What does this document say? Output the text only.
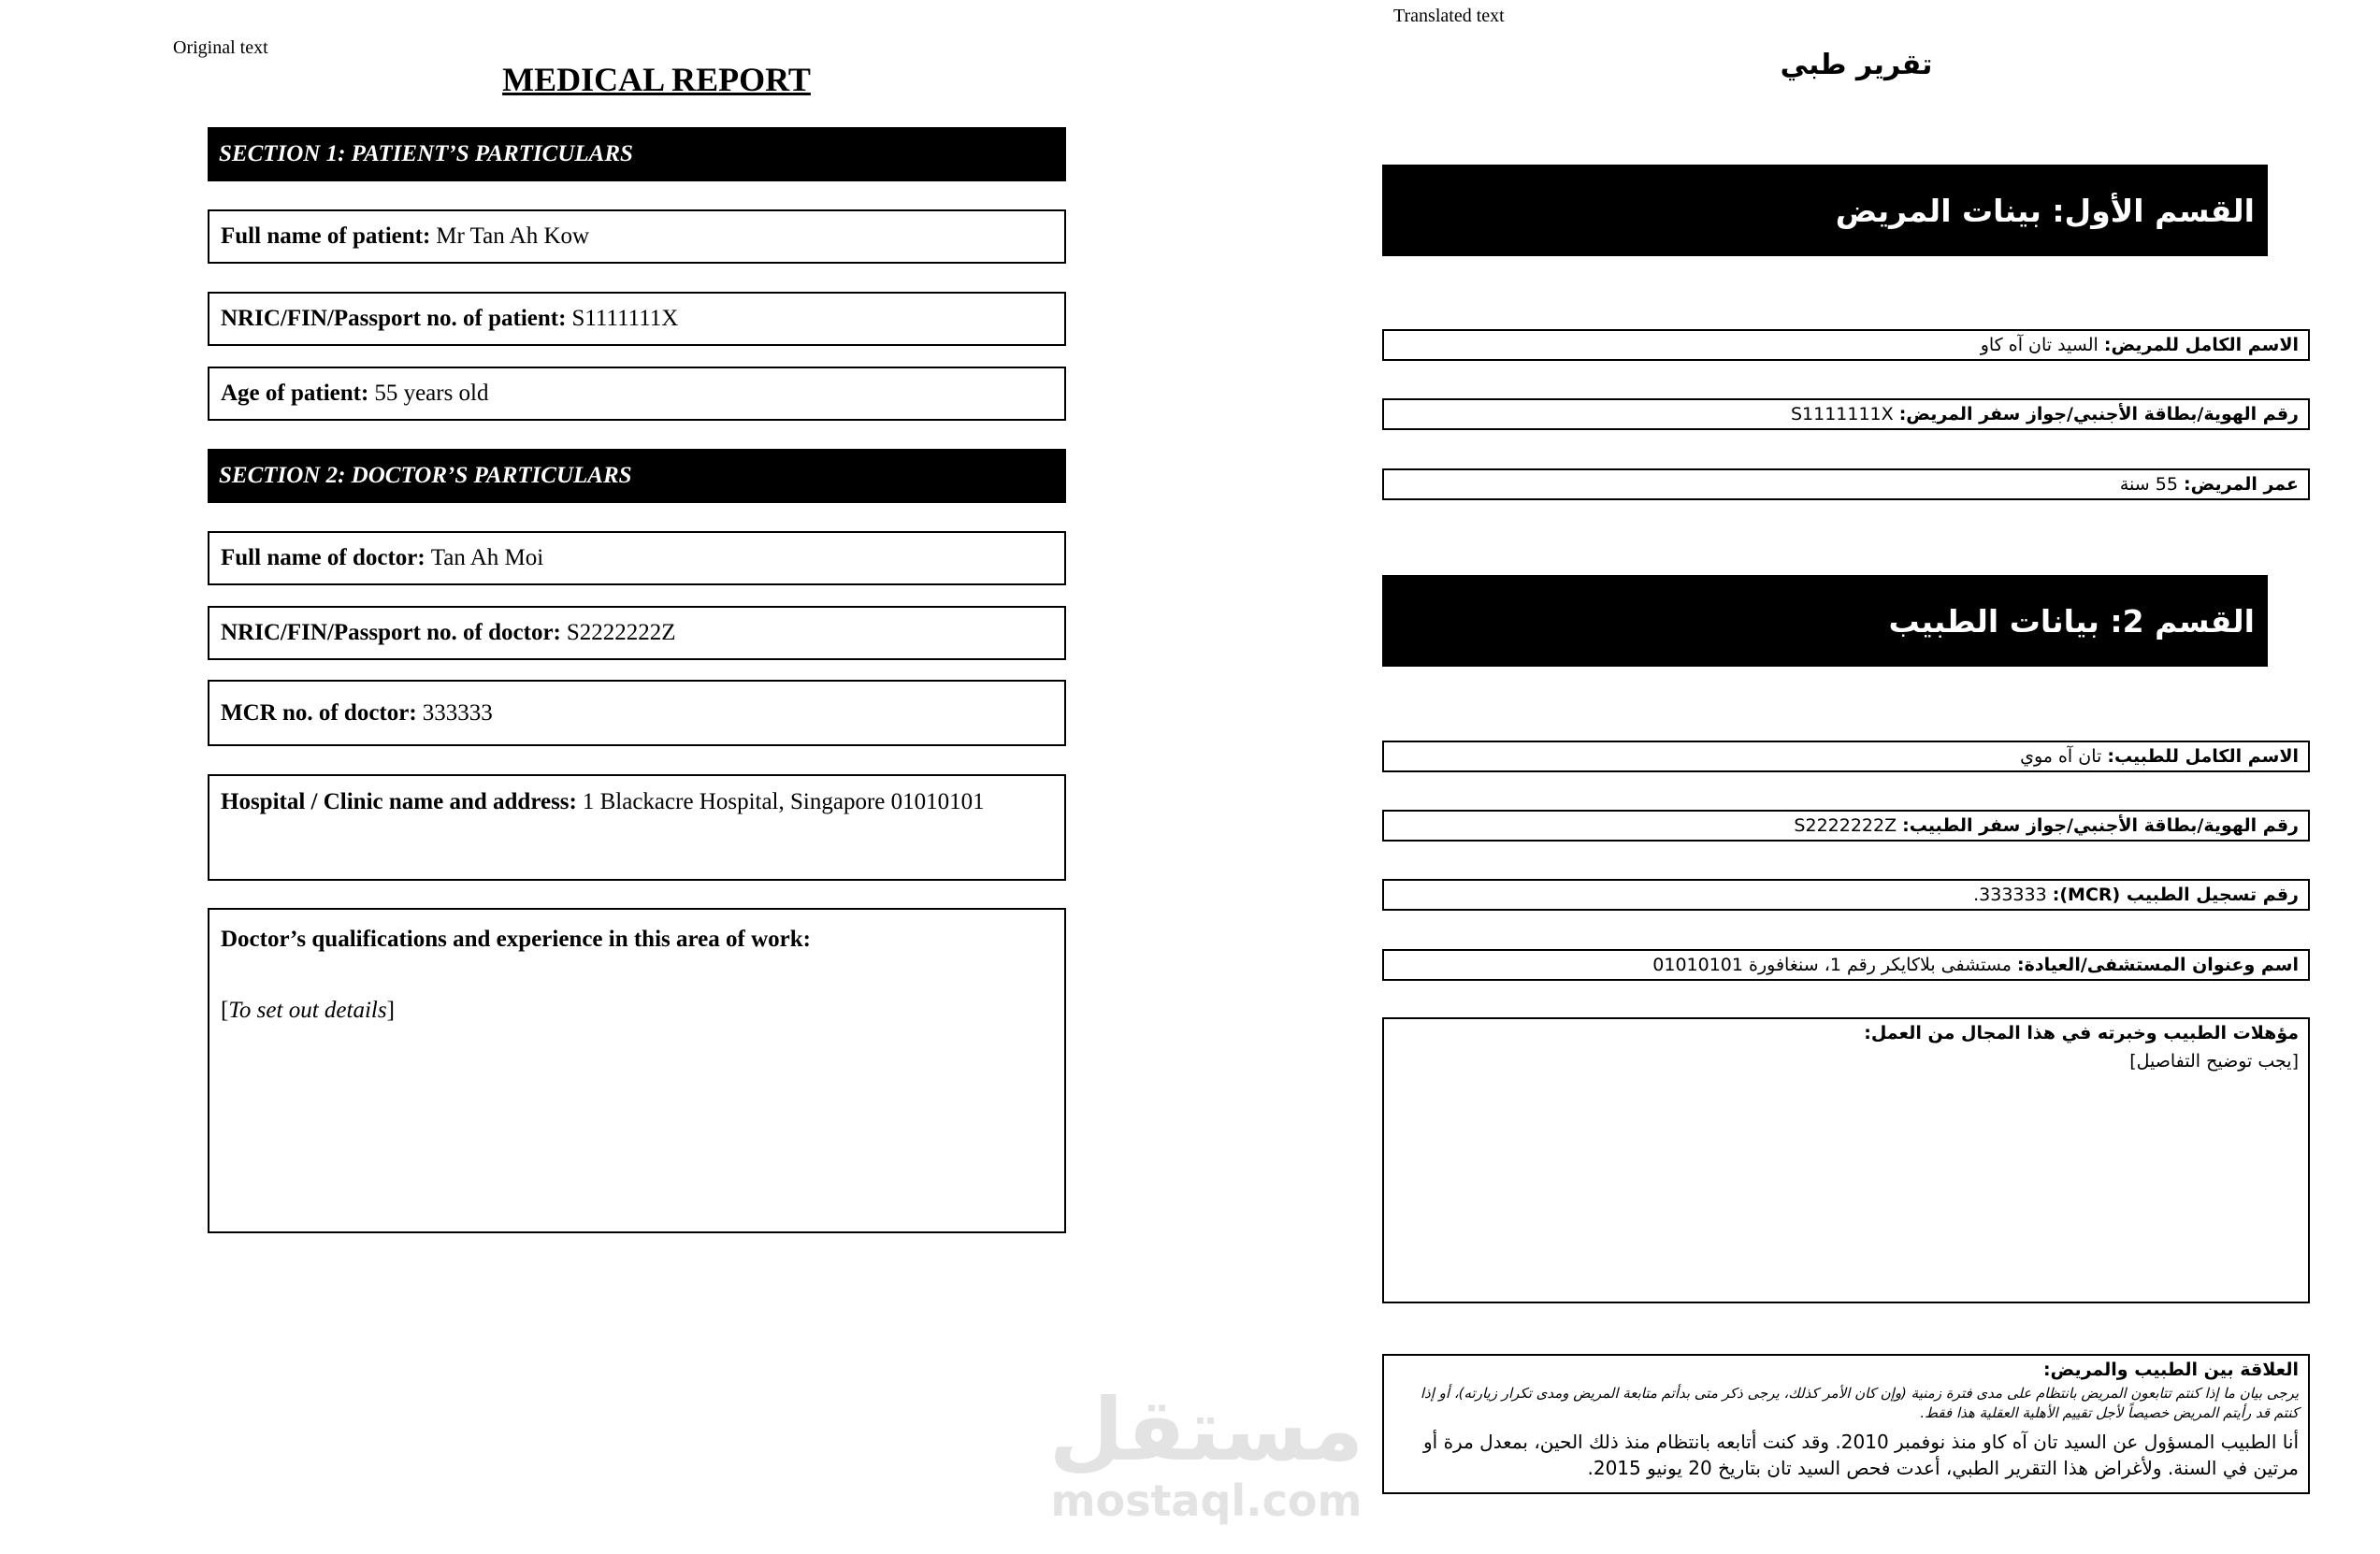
Original text
MEDICAL REPORT
SECTION 1: PATIENT’S PARTICULARS
Full name of patient: Mr Tan Ah Kow
NRIC/FIN/Passport no. of patient: S1111111X
Age of patient: 55 years old
SECTION 2: DOCTOR’S PARTICULARS
Full name of doctor: Tan Ah Moi
NRIC/FIN/Passport no. of doctor: S2222222Z
MCR no. of doctor: 333333
Hospital / Clinic name and address: 1 Blackacre Hospital, Singapore 01010101
Doctor’s qualifications and experience in this area of work:
[To set out details]
Translated text
تقرير طبي
القسم الأول: بينات المريض
الاسم الكامل للمريض:

السيد تان آه كاو
رقم الهوية/بطاقة الأجنبي/جواز سفر المريض:

S1111111X
عمر المريض:

55 سنة
القسم 2: بيانات الطبيب
الاسم الكامل للطبيب:

تان آه موي
رقم الهوية/بطاقة الأجنبي/جواز سفر الطبيب:

S2222222Z
رقم تسجيل الطبيب (MCR):

333333.
اسم وعنوان المستشفى/العيادة:

مستشفى بلاكايكر رقم 1، سنغافورة 01010101
مؤهلات الطبيب وخبرته في هذا المجال من العمل:
[يجب توضيح التفاصيل]
العلاقة بين الطبيب والمريض:
يرجى بيان ما إذا كنتم تتابعون المريض بانتظام على مدى فترة زمنية (وإن كان الأمر كذلك، يرجى ذكر متى بدأتم متابعة المريض ومدى تكرار زيارته)، أو إذا كنتم قد رأيتم المريض خصيصاً لأجل تقييم الأهلية العقلية هذا فقط.
أنا الطبيب المسؤول عن السيد تان آه كاو منذ نوفمبر 2010. وقد كنت أتابعه بانتظام منذ ذلك الحين، بمعدل مرة أو مرتين في السنة. ولأغراض هذا التقرير الطبي، أعدت فحص السيد تان بتاريخ 20 يونيو 2015.
مستقل
mostaql.com
